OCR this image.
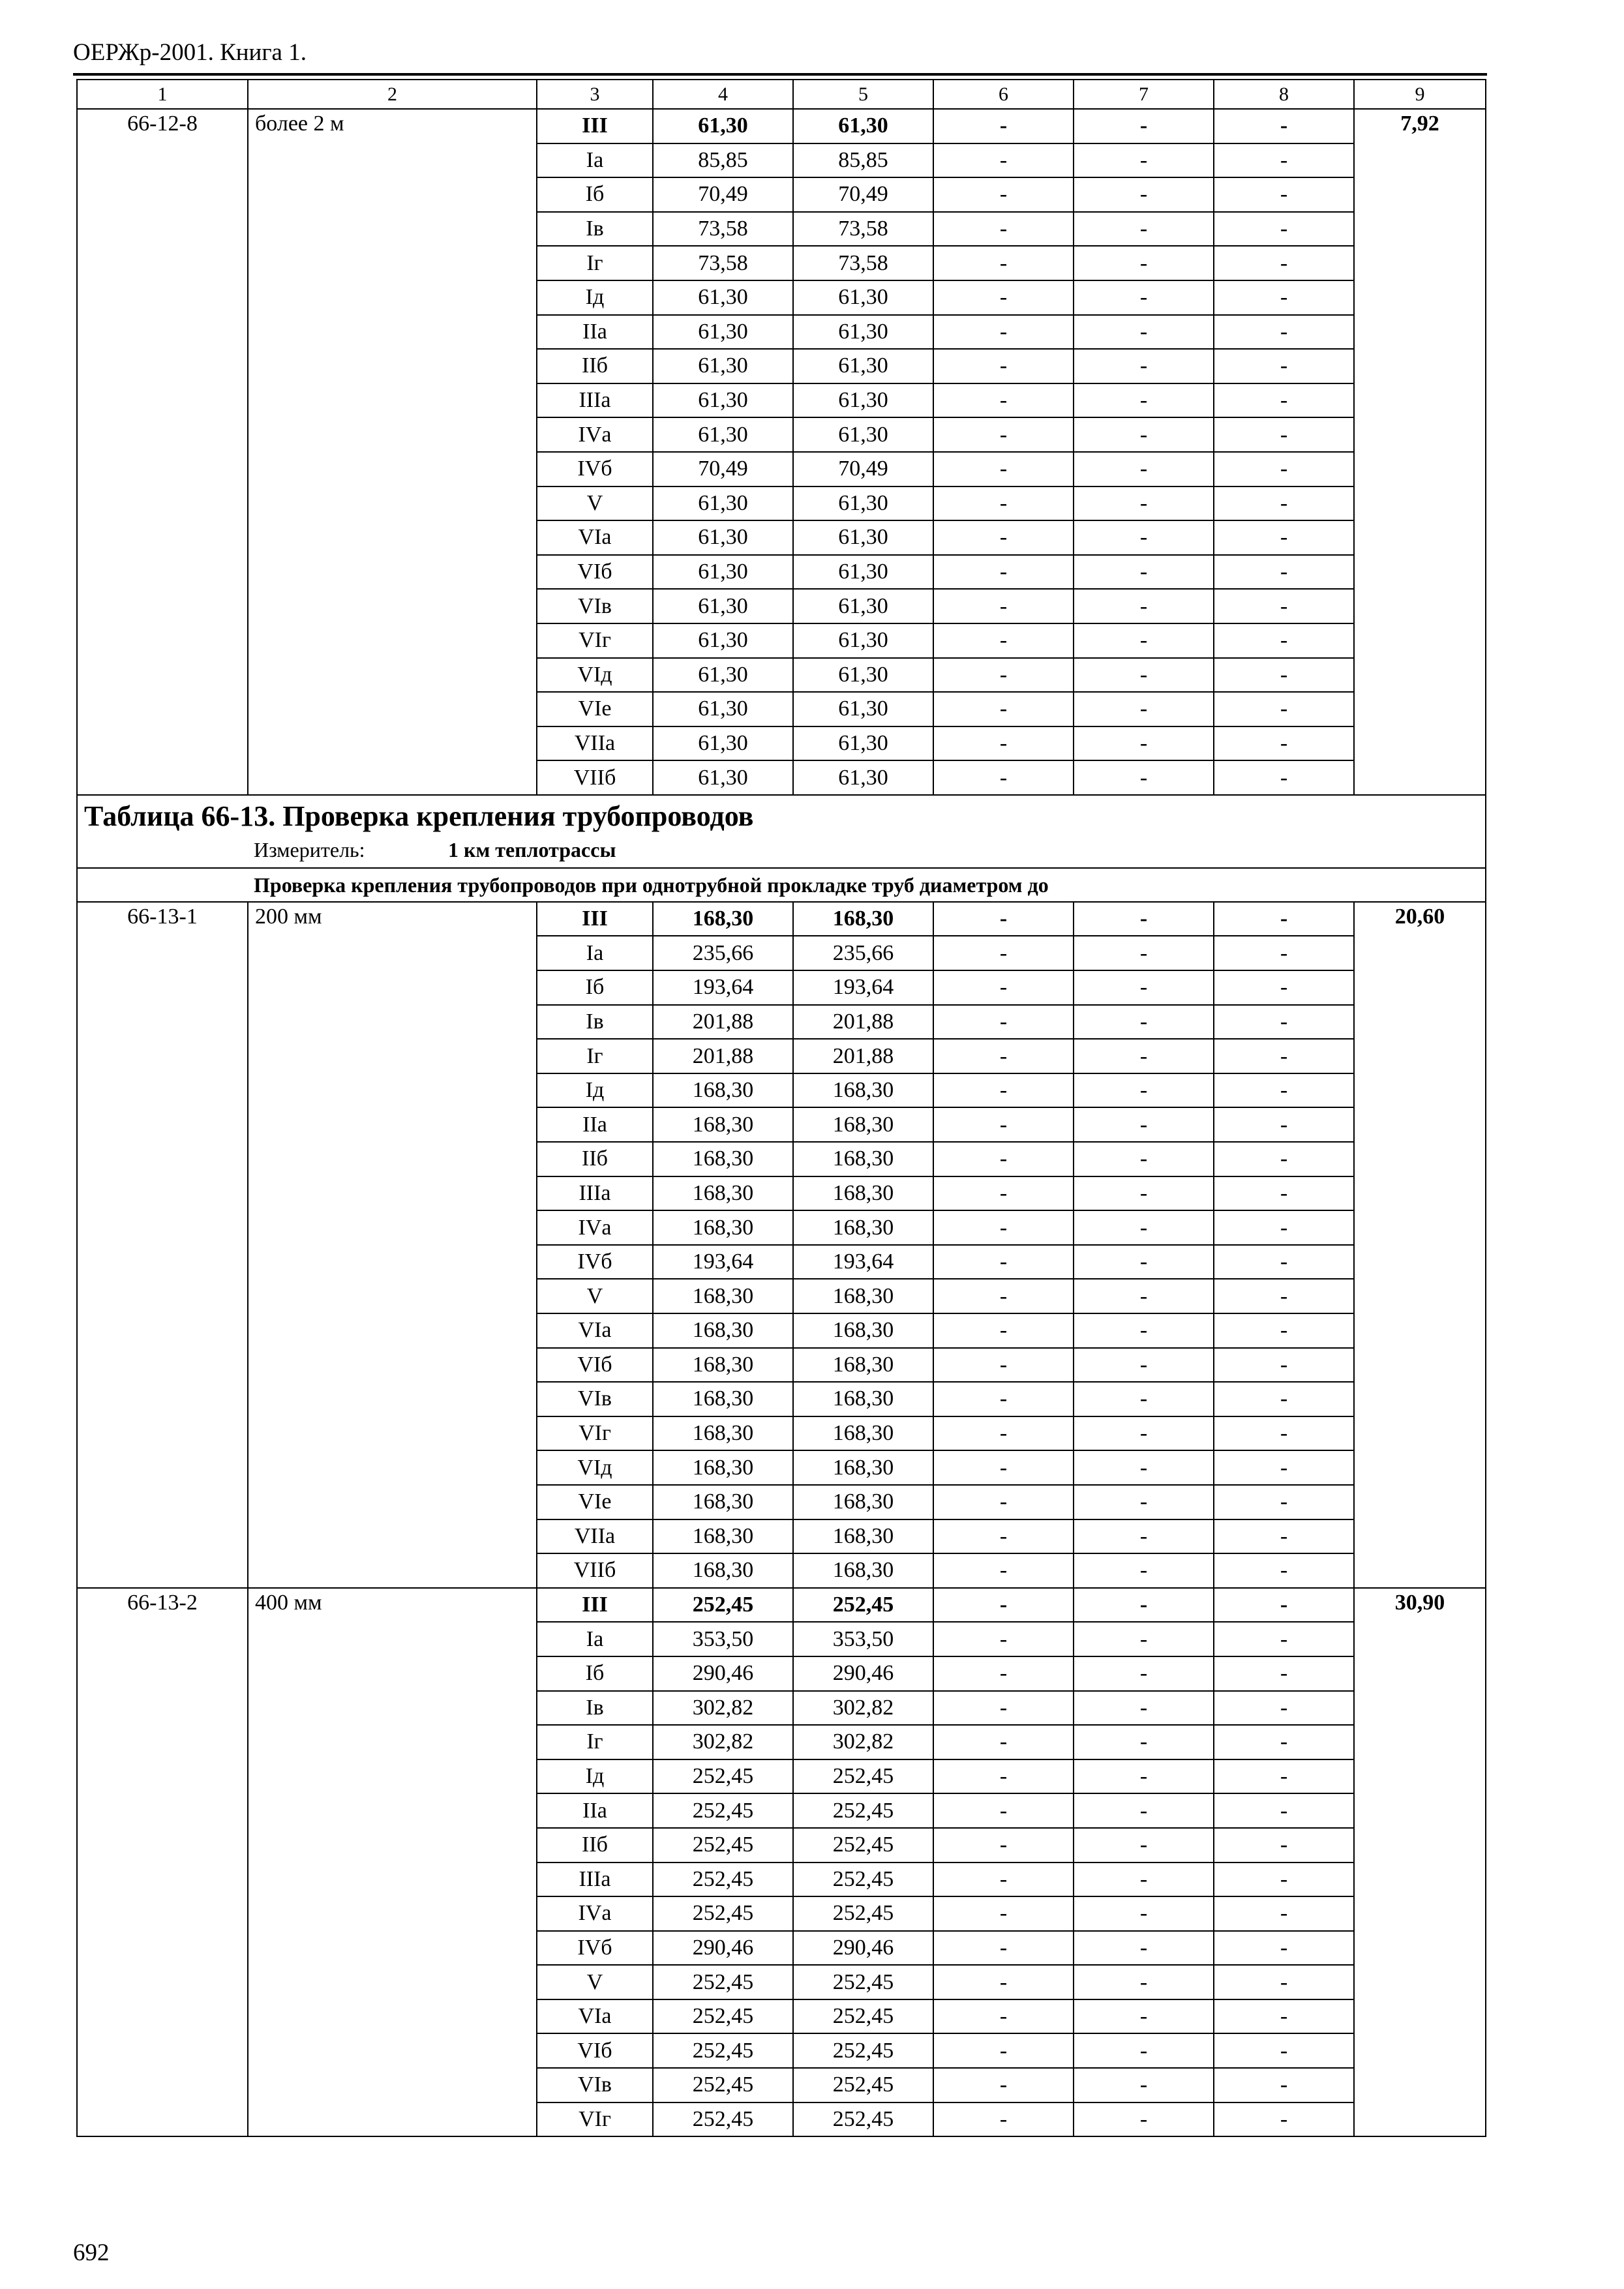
ОЕРЖр-2001. Книга 1.
1	2	3	4	5	6	7	8	9
66-12-8	более 2 м	III	61,30	61,30	-	-	-	7,92
		Iа	85,85	85,85	-	-	-	
		Iб	70,49	70,49	-	-	-	
		Iв	73,58	73,58	-	-	-	
		Iг	73,58	73,58	-	-	-	
		Iд	61,30	61,30	-	-	-	
		IIа	61,30	61,30	-	-	-	
		IIб	61,30	61,30	-	-	-	
		IIIа	61,30	61,30	-	-	-	
		IVа	61,30	61,30	-	-	-	
		IVб	70,49	70,49	-	-	-	
		V	61,30	61,30	-	-	-	
		VIа	61,30	61,30	-	-	-	
		VIб	61,30	61,30	-	-	-	
		VIв	61,30	61,30	-	-	-	
		VIг	61,30	61,30	-	-	-	
		VIд	61,30	61,30	-	-	-	
		VIе	61,30	61,30	-	-	-	
		VIIа	61,30	61,30	-	-	-	
		VIIб	61,30	61,30	-	-	-	

Таблица 66-13. Проверка крепления трубопроводов
Измеритель: 1 км теплотрассы								

Проверка крепления трубопроводов при однотрубной прокладке труб диаметром до								
66-13-1	200 мм	III	168,30	168,30	-	-	-	20,60
		Iа	235,66	235,66	-	-	-	
		Iб	193,64	193,64	-	-	-	
		Iв	201,88	201,88	-	-	-	
		Iг	201,88	201,88	-	-	-	
		Iд	168,30	168,30	-	-	-	
		IIа	168,30	168,30	-	-	-	
		IIб	168,30	168,30	-	-	-	
		IIIа	168,30	168,30	-	-	-	
		IVа	168,30	168,30	-	-	-	
		IVб	193,64	193,64	-	-	-	
		V	168,30	168,30	-	-	-	
		VIа	168,30	168,30	-	-	-	
		VIб	168,30	168,30	-	-	-	
		VIв	168,30	168,30	-	-	-	
		VIг	168,30	168,30	-	-	-	
		VIд	168,30	168,30	-	-	-	
		VIе	168,30	168,30	-	-	-	
		VIIа	168,30	168,30	-	-	-	
		VIIб	168,30	168,30	-	-	-	
66-13-2	400 мм	III	252,45	252,45	-	-	-	30,90
		Iа	353,50	353,50	-	-	-	
		Iб	290,46	290,46	-	-	-	
		Iв	302,82	302,82	-	-	-	
		Iг	302,82	302,82	-	-	-	
		Iд	252,45	252,45	-	-	-	
		IIа	252,45	252,45	-	-	-	
		IIб	252,45	252,45	-	-	-	
		IIIа	252,45	252,45	-	-	-	
		IVа	252,45	252,45	-	-	-	
		IVб	290,46	290,46	-	-	-	
		V	252,45	252,45	-	-	-	
		VIа	252,45	252,45	-	-	-	
		VIб	252,45	252,45	-	-	-	
		VIв	252,45	252,45	-	-	-	
		VIг	252,45	252,45	-	-	-	
692
